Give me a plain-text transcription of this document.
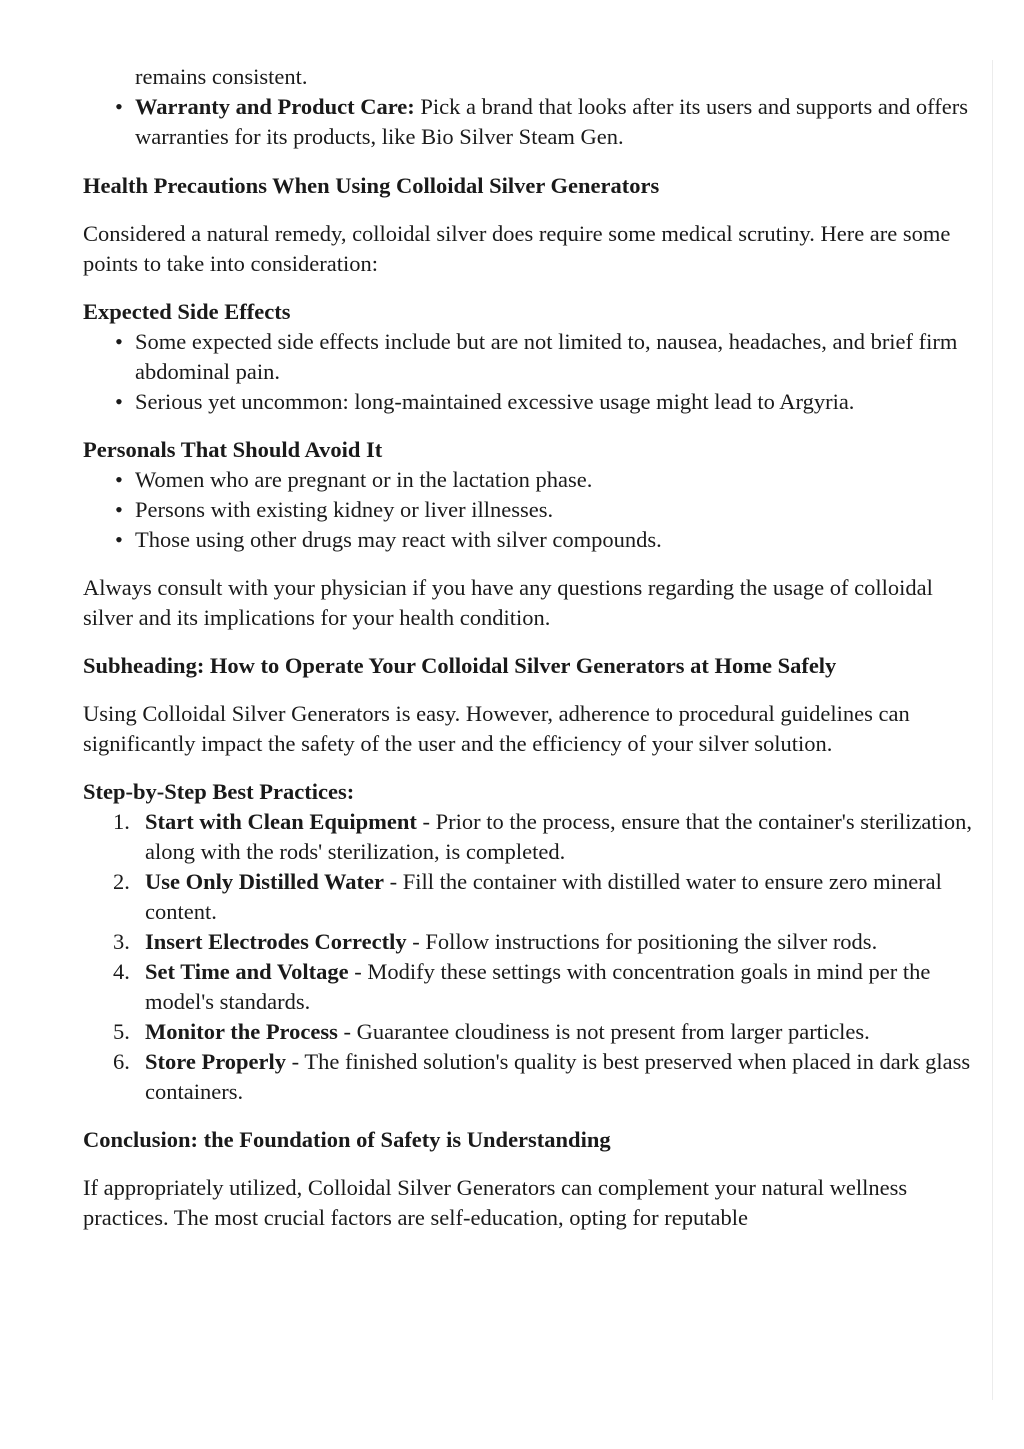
remains consistent.
• Warranty and Product Care: Pick a brand that looks after its users and supports and offers warranties for its products, like Bio Silver Steam Gen.
Health Precautions When Using Colloidal Silver Generators

Considered a natural remedy, colloidal silver does require some medical scrutiny. Here are some points to take into consideration:

Expected Side Effects
• Some expected side effects include but are not limited to, nausea, headaches, and brief firm abdominal pain.
• Serious yet uncommon: long-maintained excessive usage might lead to Argyria.
Personals That Should Avoid It
• Women who are pregnant or in the lactation phase.
• Persons with existing kidney or liver illnesses.
• Those using other drugs may react with silver compounds.

Always consult with your physician if you have any questions regarding the usage of colloidal silver and its implications for your health condition.

Subheading: How to Operate Your Colloidal Silver Generators at Home Safely

Using Colloidal Silver Generators is easy. However, adherence to procedural guidelines can significantly impact the safety of the user and the efficiency of your silver solution.

Step-by-Step Best Practices:
1. Start with Clean Equipment - Prior to the process, ensure that the container's sterilization, along with the rods' sterilization, is completed.
2. Use Only Distilled Water - Fill the container with distilled water to ensure zero mineral content.
3. Insert Electrodes Correctly - Follow instructions for positioning the silver rods.
4. Set Time and Voltage - Modify these settings with concentration goals in mind per the model's standards.
5. Monitor the Process - Guarantee cloudiness is not present from larger particles.
6. Store Properly - The finished solution's quality is best preserved when placed in dark glass containers.
Conclusion: the Foundation of Safety is Understanding

If appropriately utilized, Colloidal Silver Generators can complement your natural wellness practices. The most crucial factors are self-education, opting for reputable
